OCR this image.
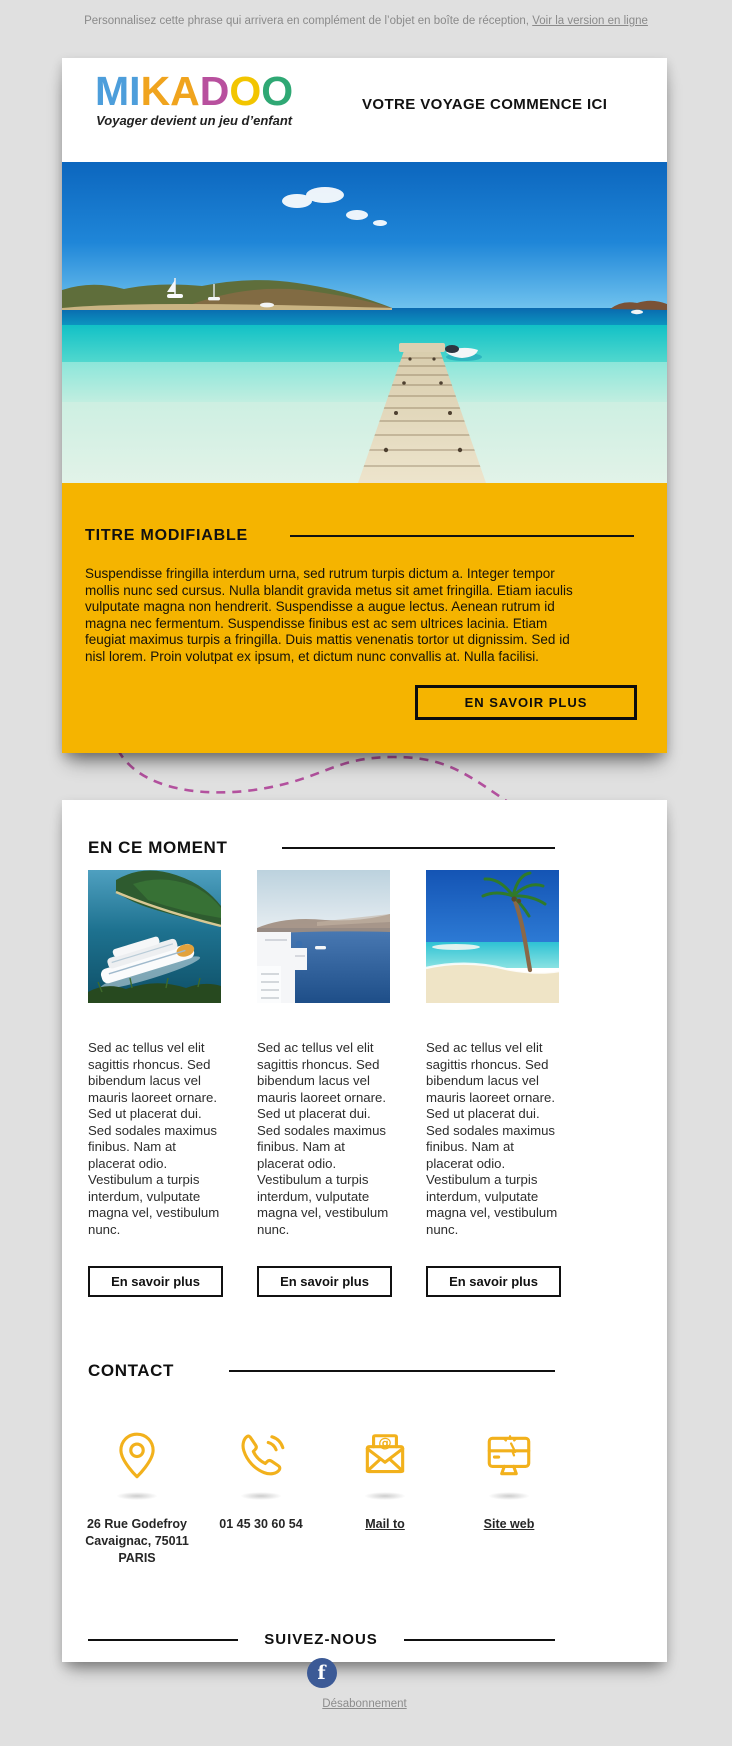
Personnalisez cette phrase qui arrivera en complément de l’objet en boîte de réception, Voir la version en ligne
MIKADOO
Voyager devient un jeu d’enfant
VOTRE VOYAGE COMMENCE ICI
TITRE MODIFIABLE
Suspendisse fringilla interdum urna, sed rutrum turpis dictum a. Integer tempor mollis nunc sed cursus. Nulla blandit gravida metus sit amet fringilla. Etiam iaculis vulputate magna non hendrerit. Suspendisse a augue lectus. Aenean rutrum id magna nec fermentum. Suspendisse finibus est ac sem ultrices lacinia. Etiam feugiat maximus turpis a fringilla. Duis mattis venenatis tortor ut dignissim. Sed id nisl lorem. Proin volutpat ex ipsum, et dictum nunc convallis at. Nulla facilisi.
EN SAVOIR PLUS
EN CE MOMENT
Sed ac tellus vel elit sagittis rhoncus. Sed bibendum lacus vel mauris laoreet ornare. Sed ut placerat dui. Sed sodales maximus finibus. Nam at placerat odio. Vestibulum a turpis interdum, vulputate magna vel, vestibulum nunc.
En savoir plus
Sed ac tellus vel elit sagittis rhoncus. Sed bibendum lacus vel mauris laoreet ornare. Sed ut placerat dui. Sed sodales maximus finibus. Nam at placerat odio. Vestibulum a turpis interdum, vulputate magna vel, vestibulum nunc.
En savoir plus
Sed ac tellus vel elit sagittis rhoncus. Sed bibendum lacus vel mauris laoreet ornare. Sed ut placerat dui. Sed sodales maximus finibus. Nam at placerat odio. Vestibulum a turpis interdum, vulputate magna vel, vestibulum nunc.
En savoir plus
CONTACT
26 Rue Godefroy Cavaignac, 75011 PARIS
01 45 30 60 54
@
Mail to	Site web
SUIVEZ-NOUS
f
Désabonnement
